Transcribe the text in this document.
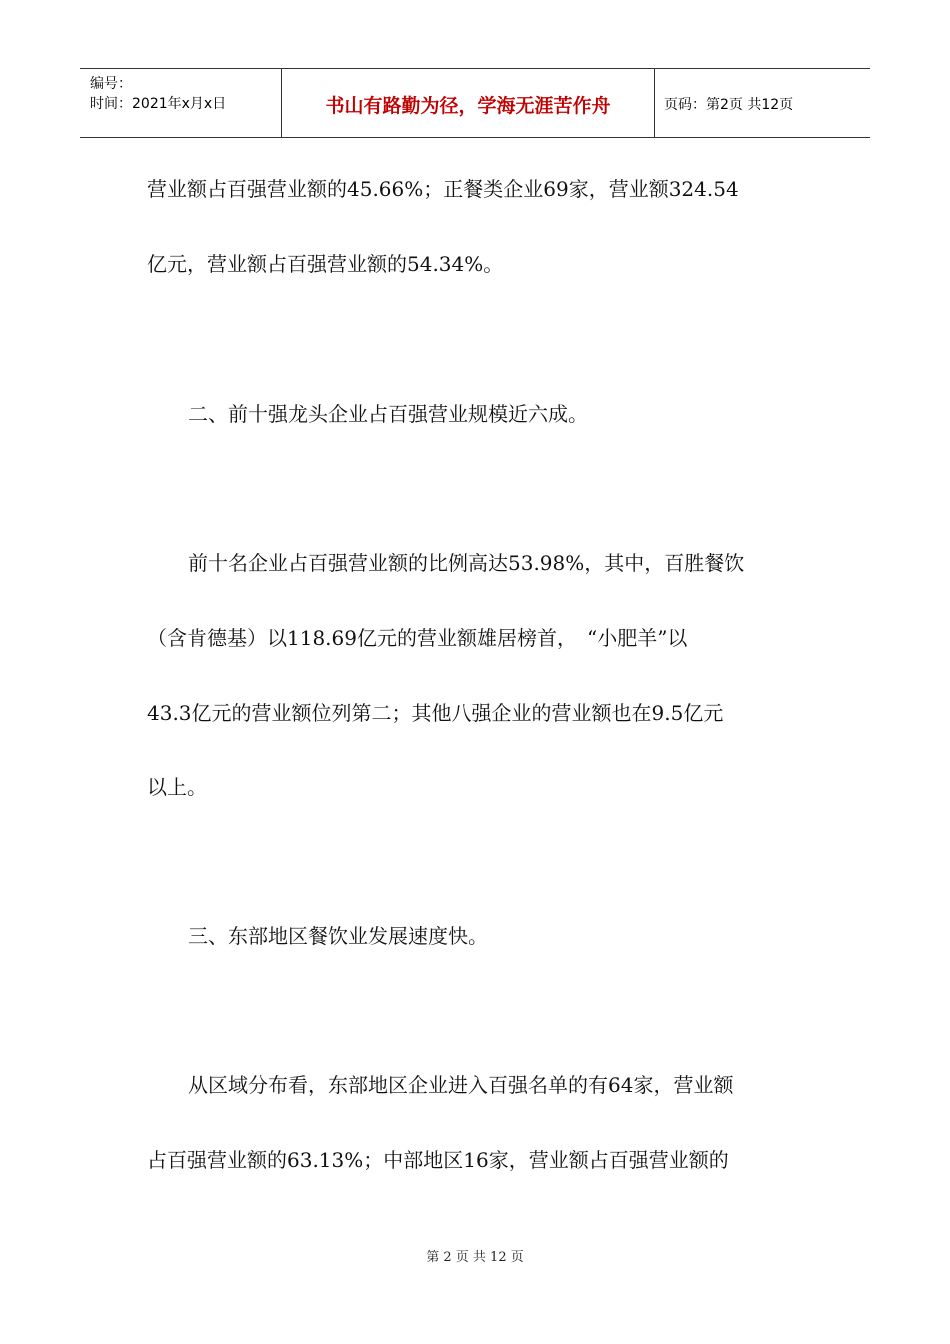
编号：
时间：2021年x月x日	书山有路勤为径，学海无涯苦作舟	页码：第2页 共12页
营业额占百强营业额的45.66%；正餐类企业69家，营业额324.54
亿元，营业额占百强营业额的54.34%。
二、前十强龙头企业占百强营业规模近六成。
前十名企业占百强营业额的比例高达53.98%，其中，百胜餐饮
（含肯德基）以118.69亿元的营业额雄居榜首，　“小肥羊”以
43.3亿元的营业额位列第二；其他八强企业的营业额也在9.5亿元
以上。
三、东部地区餐饮业发展速度快。
从区域分布看，东部地区企业进入百强名单的有64家，营业额
占百强营业额的63.13%；中部地区16家，营业额占百强营业额的
第 2 页 共 12 页
